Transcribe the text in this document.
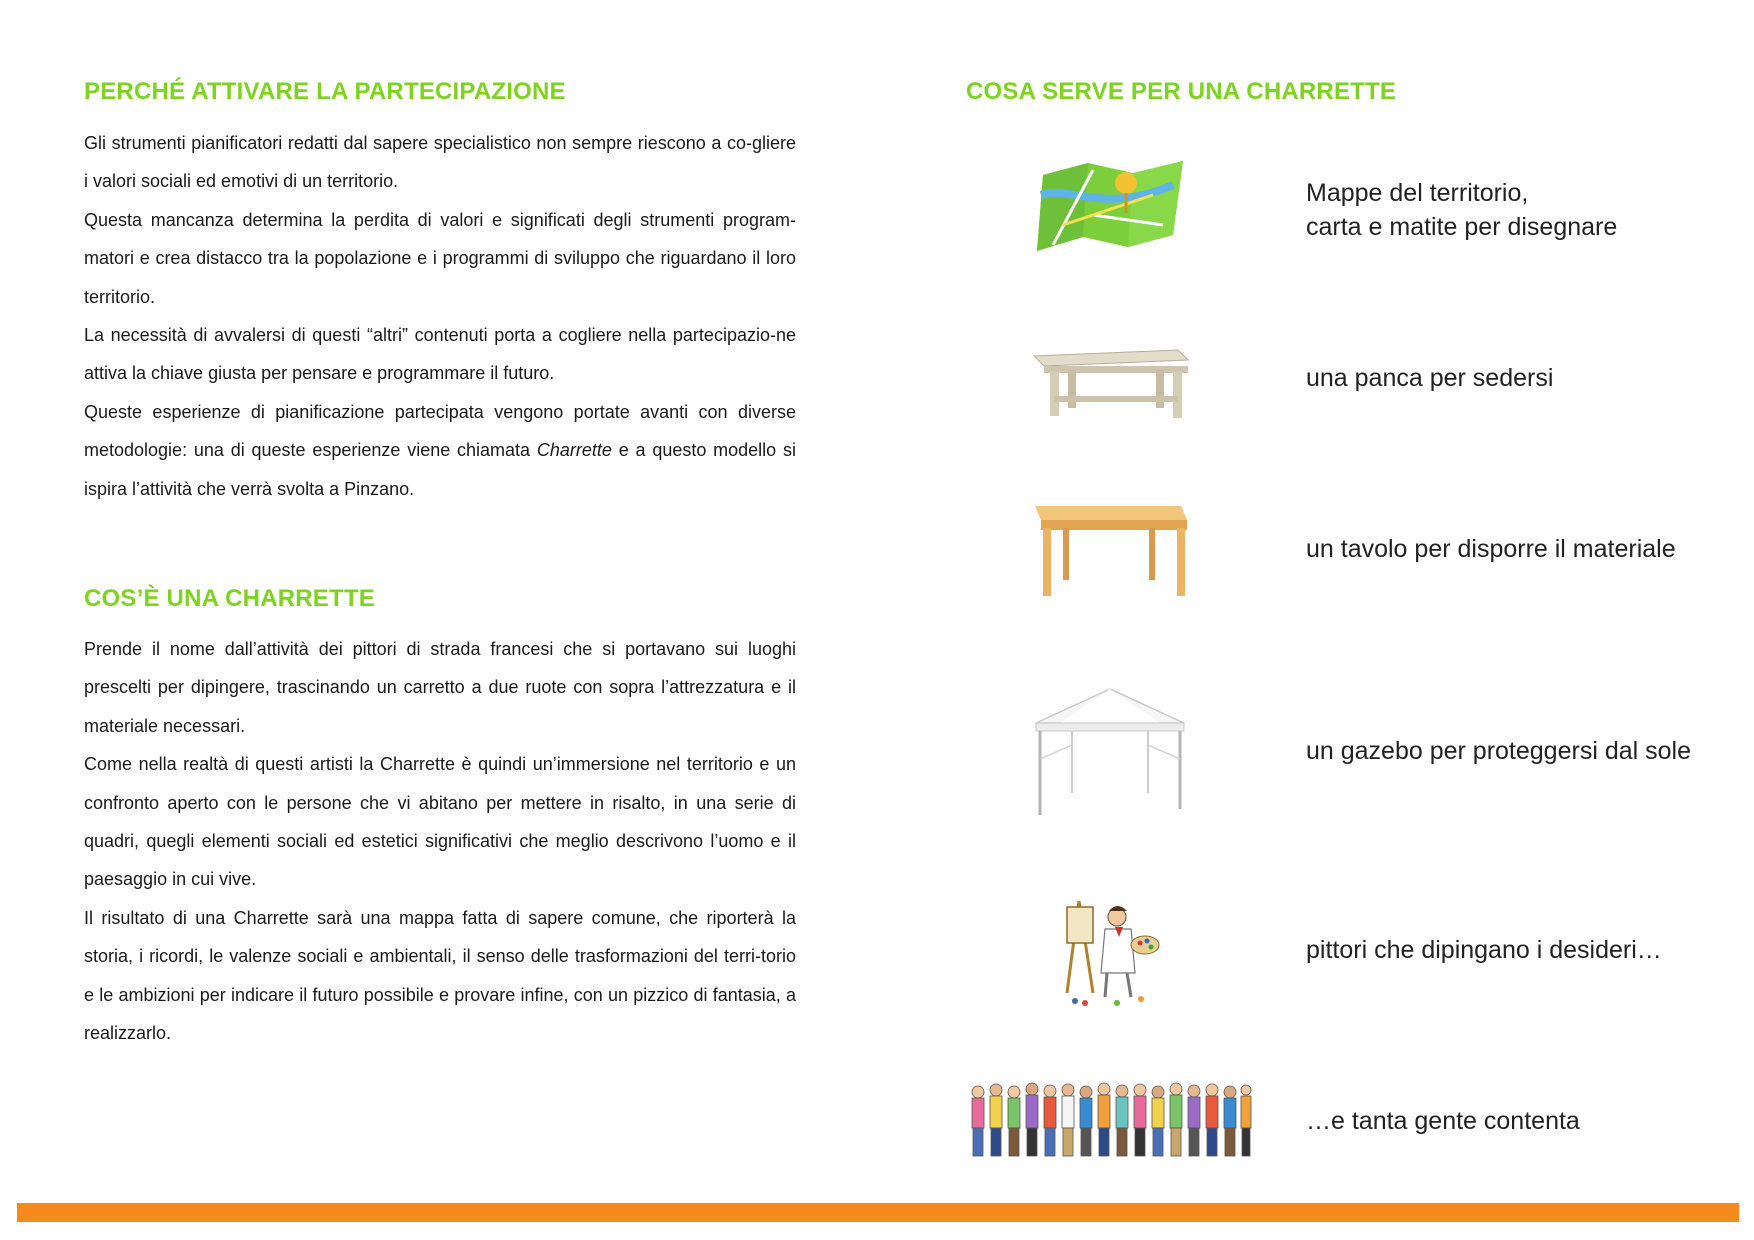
PERCHÉ ATTIVARE LA PARTECIPAZIONE

Gli strumenti pianificatori redatti dal sapere specialistico non sempre riescono a co-gliere i valori sociali ed emotivi di un territorio.

Questa mancanza determina la perdita di valori e significati degli strumenti program-matori e crea distacco tra la popolazione e i programmi di sviluppo che riguardano il loro territorio.

La necessità di avvalersi di questi “altri” contenuti porta a cogliere nella partecipazio-ne attiva la chiave giusta per pensare e programmare il futuro.

Queste esperienze di pianificazione partecipata vengono portate avanti con diverse metodologie: una di queste esperienze viene chiamata Charrette e a questo modello si ispira l’attività che verrà svolta a Pinzano.

COS’È UNA CHARRETTE

Prende il nome dall’attività dei pittori di strada francesi che si portavano sui luoghi prescelti per dipingere, trascinando un carretto a due ruote con sopra l’attrezzatura e il materiale necessari.

Come nella realtà di questi artisti la Charrette è quindi un’immersione nel territorio e un confronto aperto con le persone che vi abitano per mettere in risalto, in una serie di quadri, quegli elementi sociali ed estetici significativi che meglio descrivono l’uomo e il paesaggio in cui vive.

Il risultato di una Charrette sarà una mappa fatta di sapere comune, che riporterà la storia, i ricordi, le valenze sociali e ambientali, il senso delle trasformazioni del terri-torio e le ambizioni per indicare il futuro possibile e provare infine, con un pizzico di fantasia, a realizzarlo.

COSA SERVE PER UNA CHARRETTE
Mappe del territorio,
carta e matite per disegnare
una panca per sedersi
un tavolo per disporre il materiale
un gazebo per proteggersi dal sole
pittori che dipingano i desideri…
…e tanta gente contenta
